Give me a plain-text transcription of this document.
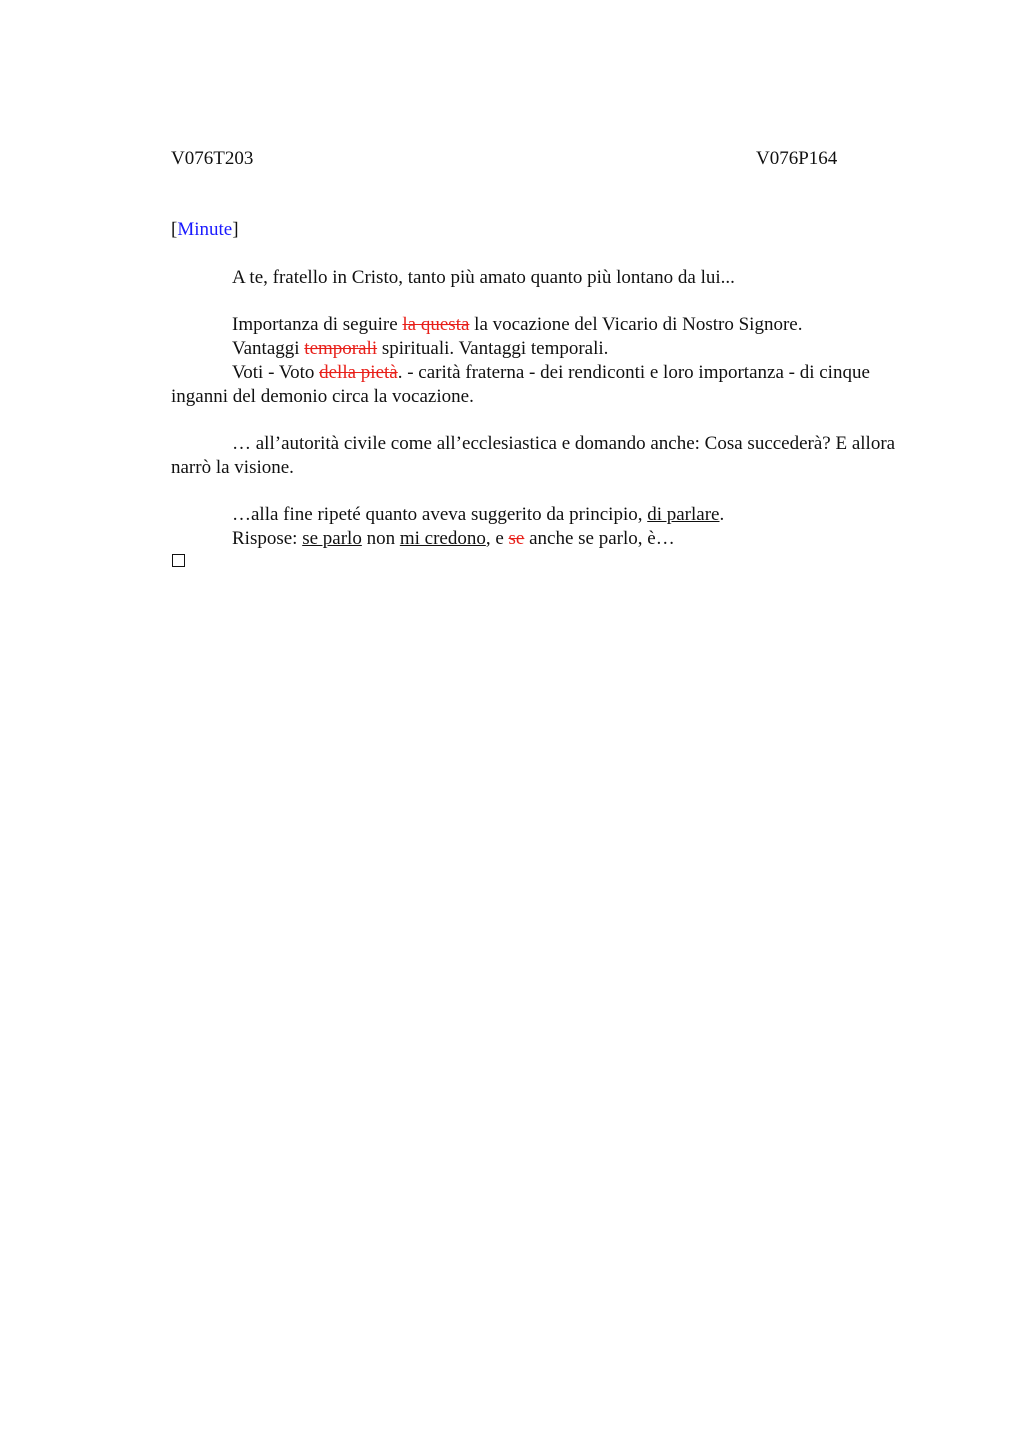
V076T203	V076P164
[Minute]

A te, fratello in Cristo, tanto più amato quanto più lontano da lui...

Importanza di seguire la questa la vocazione del Vicario di Nostro Signore.

Vantaggi temporali spirituali. Vantaggi temporali.

Voti - Voto della pietà. - carità fraterna - dei rendiconti e loro importanza - di cinque inganni del demonio circa la vocazione.

… all’autorità civile come all’ecclesiastica e domando anche: Cosa succederà? E allora narrò la visione.

…alla fine ripeté quanto aveva suggerito da principio, di parlare.

Rispose: se parlo non mi credono, e se anche se parlo, è…
